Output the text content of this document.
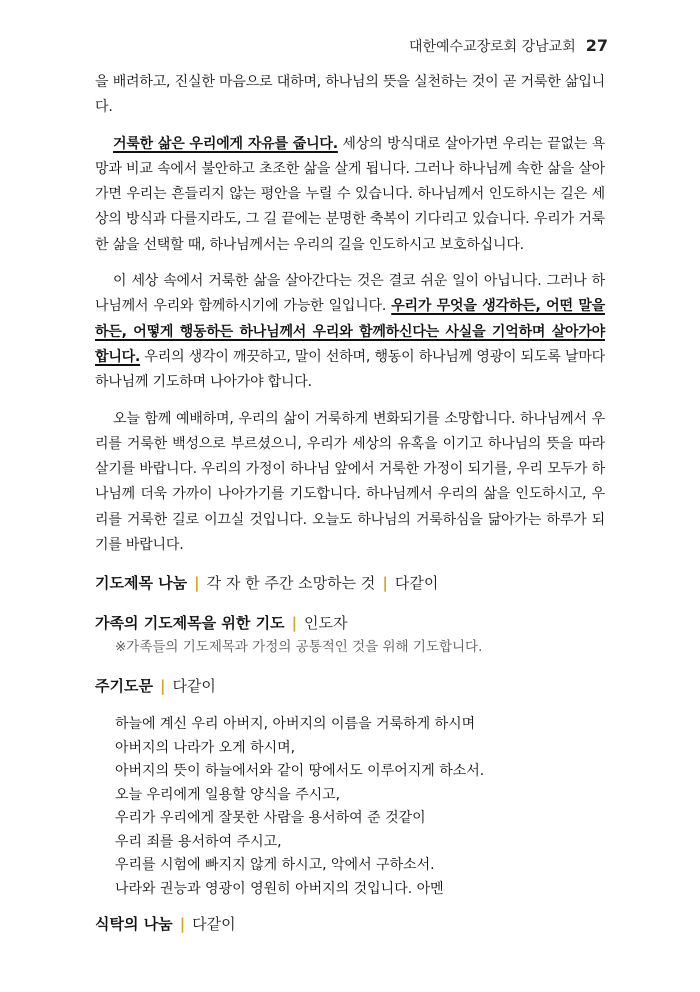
대한예수교장로회 강남교회 27

을 배려하고, 진실한 마음으로 대하며, 하나님의 뜻을 실천하는 것이 곧 거룩한 삶입니다.

거룩한 삶은 우리에게 자유를 줍니다. 세상의 방식대로 살아가면 우리는 끝없는 욕망과 비교 속에서 불안하고 초조한 삶을 살게 됩니다. 그러나 하나님께 속한 삶을 살아가면 우리는 흔들리지 않는 평안을 누릴 수 있습니다. 하나님께서 인도하시는 길은 세상의 방식과 다를지라도, 그 길 끝에는 분명한 축복이 기다리고 있습니다. 우리가 거룩한 삶을 선택할 때, 하나님께서는 우리의 길을 인도하시고 보호하십니다.

이 세상 속에서 거룩한 삶을 살아간다는 것은 결코 쉬운 일이 아닙니다. 그러나 하나님께서 우리와 함께하시기에 가능한 일입니다. 우리가 무엇을 생각하든, 어떤 말을 하든, 어떻게 행동하든 하나님께서 우리와 함께하신다는 사실을 기억하며 살아가야 합니다. 우리의 생각이 깨끗하고, 말이 선하며, 행동이 하나님께 영광이 되도록 날마다 하나님께 기도하며 나아가야 합니다.

오늘 함께 예배하며, 우리의 삶이 거룩하게 변화되기를 소망합니다. 하나님께서 우리를 거룩한 백성으로 부르셨으니, 우리가 세상의 유혹을 이기고 하나님의 뜻을 따라 살기를 바랍니다. 우리의 가정이 하나님 앞에서 거룩한 가정이 되기를, 우리 모두가 하나님께 더욱 가까이 나아가기를 기도합니다. 하나님께서 우리의 삶을 인도하시고, 우리를 거룩한 길로 이끄실 것입니다. 오늘도 하나님의 거룩하심을 닮아가는 하루가 되기를 바랍니다.

기도제목 나눔 | 각 자 한 주간 소망하는 것 | 다같이
가족의 기도제목을 위한 기도 | 인도자
※가족들의 기도제목과 가정의 공통적인 것을 위해 기도합니다.
주기도문 | 다같이
하늘에 계신 우리 아버지, 아버지의 이름을 거룩하게 하시며
아버지의 나라가 오게 하시며,
아버지의 뜻이 하늘에서와 같이 땅에서도 이루어지게 하소서.
오늘 우리에게 일용할 양식을 주시고,
우리가 우리에게 잘못한 사람을 용서하여 준 것같이
우리 죄를 용서하여 주시고,
우리를 시험에 빠지지 않게 하시고, 악에서 구하소서.
나라와 권능과 영광이 영원히 아버지의 것입니다. 아멘
식탁의 나눔 | 다같이
